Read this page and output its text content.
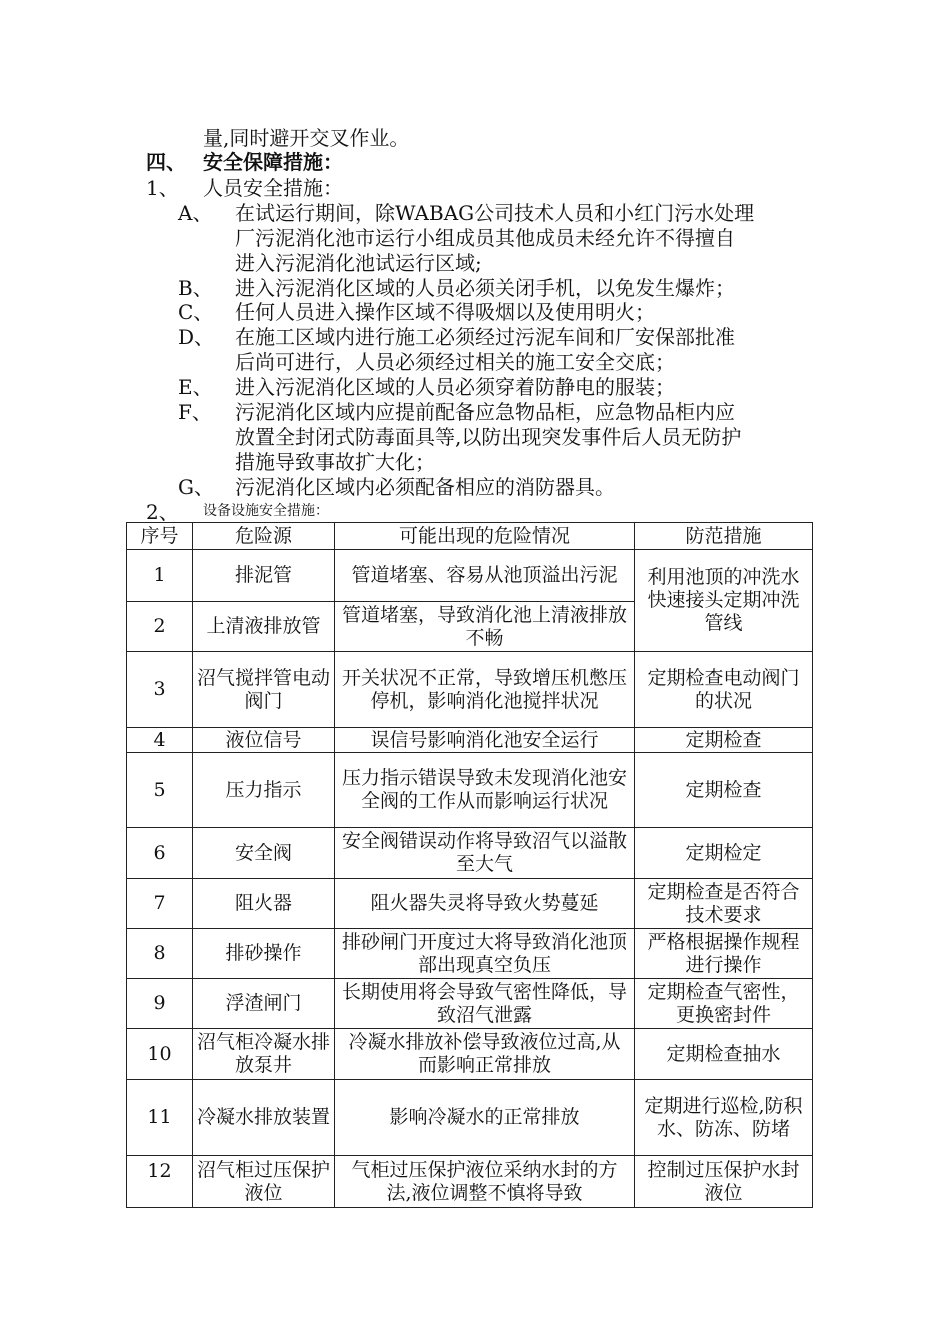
量,同时避开交叉作业。
四、 安全保障措施：
1、 人员安全措施：
A、 在试运行期间，除WABAG公司技术人员和小红门污水处理
厂污泥消化池市运行小组成员其他成员未经允许不得擅自
进入污泥消化池试运行区域;
B、 进入污泥消化区域的人员必须关闭手机，以免发生爆炸；
C、 任何人员进入操作区域不得吸烟以及使用明火；
D、 在施工区域内进行施工必须经过污泥车间和厂安保部批准
后尚可进行，人员必须经过相关的施工安全交底；
E、 进入污泥消化区域的人员必须穿着防静电的服装；
F、 污泥消化区域内应提前配备应急物品柜，应急物品柜内应
放置全封闭式防毒面具等,以防出现突发事件后人员无防护
措施导致事故扩大化；
G、 污泥消化区域内必须配备相应的消防器具。
2、 设备设施安全措施：
序号	危险源	可能出现的危险情况	防范措施
1	排泥管	管道堵塞、容易从池顶溢出污泥	利用池顶的冲洗水快速接头定期冲洗管线
2	上清液排放管	管道堵塞，导致消化池上清液排放不畅	
3	沼气搅拌管电动阀门	开关状况不正常，导致增压机憋压停机，影响消化池搅拌状况	定期检查电动阀门的状况
4	液位信号	误信号影响消化池安全运行	定期检查
5	压力指示	压力指示错误导致未发现消化池安全阀的工作从而影响运行状况	定期检查
6	安全阀	安全阀错误动作将导致沼气以溢散至大气	定期检定
7	阻火器	阻火器失灵将导致火势蔓延	定期检查是否符合技术要求
8	排砂操作	排砂闸门开度过大将导致消化池顶部出现真空负压	严格根据操作规程进行操作
9	浮渣闸门	长期使用将会导致气密性降低，导致沼气泄露	定期检查气密性，更换密封件
10	沼气柜冷凝水排放泵井	冷凝水排放补偿导致液位过高,从而影响正常排放	定期检查抽水
11	冷凝水排放装置	影响冷凝水的正常排放	定期进行巡检,防积水、防冻、防堵
12	沼气柜过压保护液位	气柜过压保护液位采纳水封的方法,液位调整不慎将导致	控制过压保护水封液位
